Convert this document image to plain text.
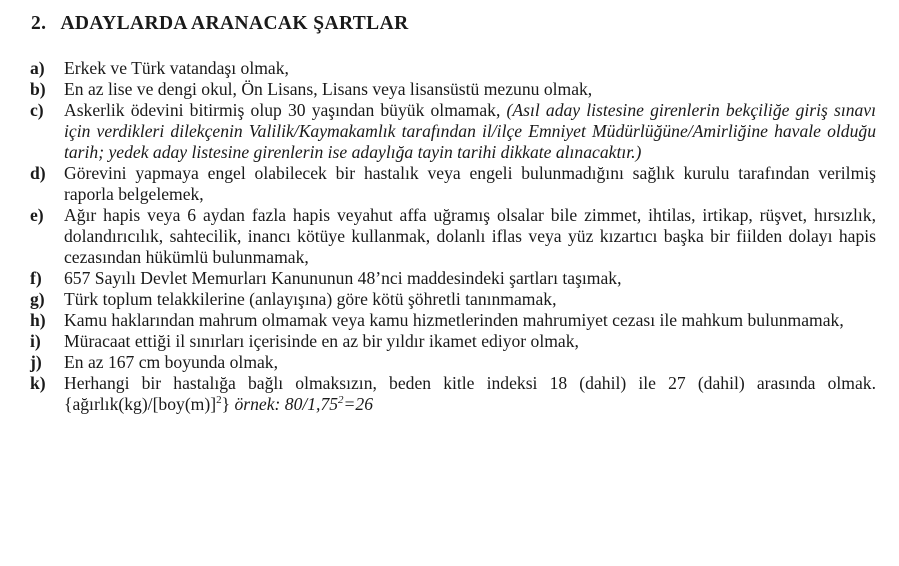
2. ADAYLARDA ARANACAK ŞARTLAR
a) Erkek ve Türk vatandaşı olmak,
b) En az lise ve dengi okul, Ön Lisans, Lisans veya lisansüstü mezunu olmak,
c) Askerlik ödevini bitirmiş olup 30 yaşından büyük olmamak, (Asıl aday listesine girenlerin bekçiliğe giriş sınavı için verdikleri dilekçenin Valilik/Kaymakamlık tarafından il/ilçe Emniyet Müdürlüğüne/Amirliğine havale olduğu tarih; yedek aday listesine girenlerin ise adaylığa tayin tarihi dikkate alınacaktır.)
d) Görevini yapmaya engel olabilecek bir hastalık veya engeli bulunmadığını sağlık kurulu tarafından verilmiş raporla belgelemek,
e) Ağır hapis veya 6 aydan fazla hapis veyahut affa uğramış olsalar bile zimmet, ihtilas, irtikap, rüşvet, hırsızlık, dolandırıcılık, sahtecilik, inancı kötüye kullanmak, dolanlı iflas veya yüz kızartıcı başka bir fiilden dolayı hapis cezasından hükümlü bulunmamak,
f) 657 Sayılı Devlet Memurları Kanununun 48’nci maddesindeki şartları taşımak,
g) Türk toplum telakkilerine (anlayışına) göre kötü şöhretli tanınmamak,
h) Kamu haklarından mahrum olmamak veya kamu hizmetlerinden mahrumiyet cezası ile mahkum bulunmamak,
i) Müracaat ettiği il sınırları içerisinde en az bir yıldır ikamet ediyor olmak,
j) En az 167 cm boyunda olmak,
k) Herhangi bir hastalığa bağlı olmaksızın, beden kitle indeksi 18 (dahil) ile 27 (dahil) arasında olmak. $\{ağırlık(kg)/[boy(m)]^2\}$ örnek: $80/1,75^2=26$
